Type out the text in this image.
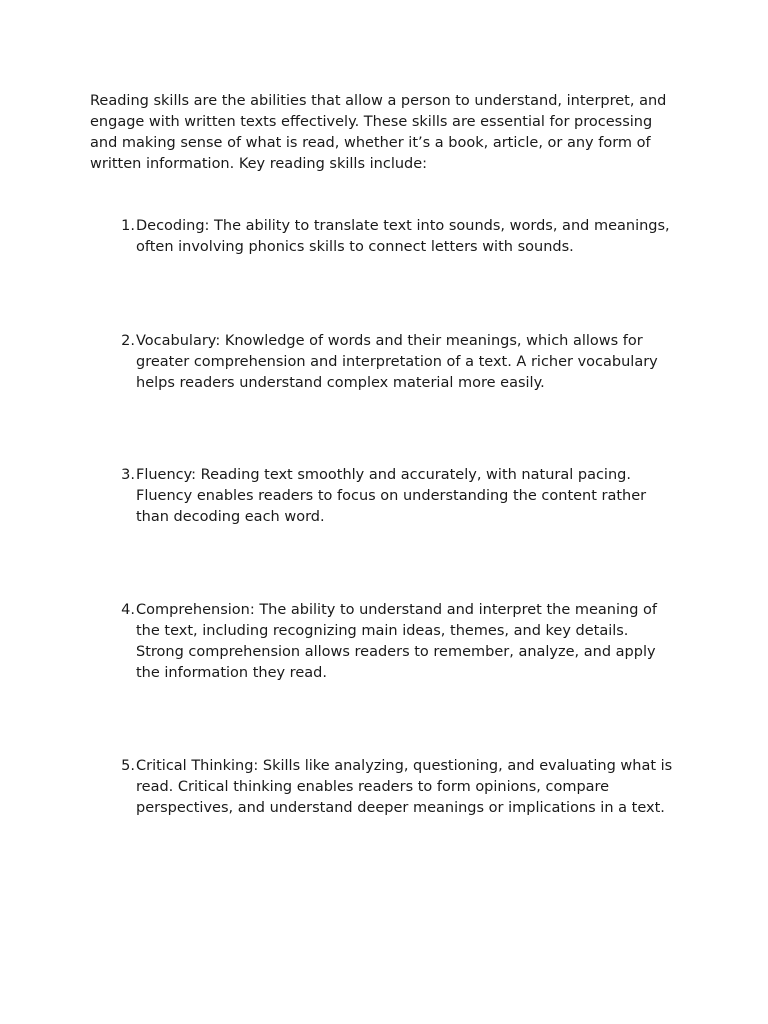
Reading skills are the abilities that allow a person to understand, interpret, and engage with written texts effectively. These skills are essential for processing and making sense of what is read, whether it’s a book, article, or any form of written information. Key reading skills include:

1. Decoding: The ability to translate text into sounds, words, and meanings, often involving phonics skills to connect letters with sounds.
2. Vocabulary: Knowledge of words and their meanings, which allows for greater comprehension and interpretation of a text. A richer vocabulary helps readers understand complex material more easily.
3. Fluency: Reading text smoothly and accurately, with natural pacing. Fluency enables readers to focus on understanding the content rather than decoding each word.
4. Comprehension: The ability to understand and interpret the meaning of the text, including recognizing main ideas, themes, and key details. Strong comprehension allows readers to remember, analyze, and apply the information they read.
5. Critical Thinking: Skills like analyzing, questioning, and evaluating what is read. Critical thinking enables readers to form opinions, compare perspectives, and understand deeper meanings or implications in a text.
